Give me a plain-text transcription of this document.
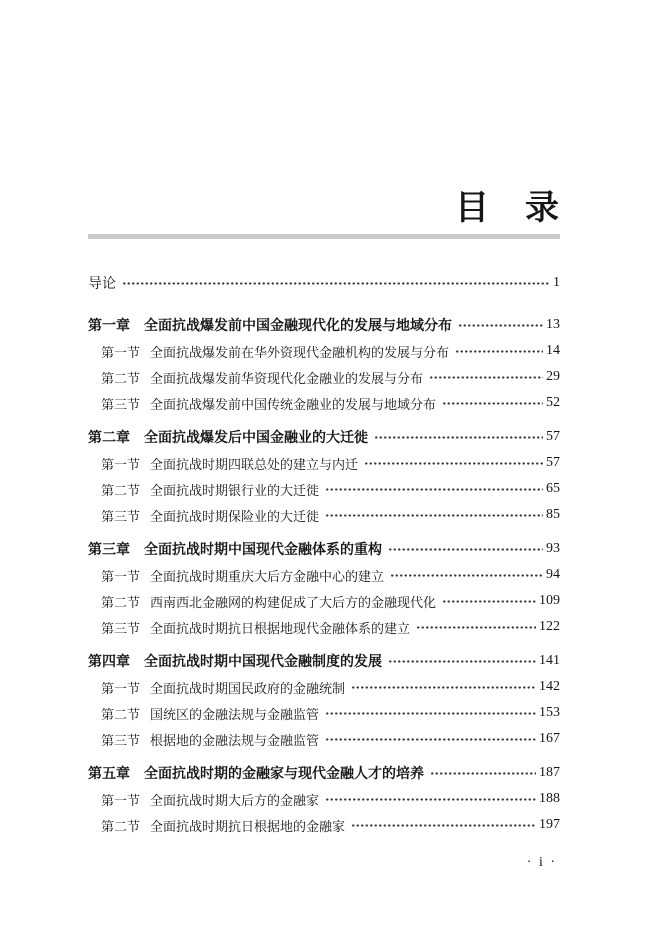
目　录
导论	1
第一章 全面抗战爆发前中国金融现代化的发展与地域分布	13
第一节 全面抗战爆发前在华外资现代金融机构的发展与分布	14
第二节 全面抗战爆发前华资现代化金融业的发展与分布	29
第三节 全面抗战爆发前中国传统金融业的发展与地域分布	52
第二章 全面抗战爆发后中国金融业的大迁徙	57
第一节 全面抗战时期四联总处的建立与内迁	57
第二节 全面抗战时期银行业的大迁徙	65
第三节 全面抗战时期保险业的大迁徙	85
第三章 全面抗战时期中国现代金融体系的重构	93
第一节 全面抗战时期重庆大后方金融中心的建立	94
第二节 西南西北金融网的构建促成了大后方的金融现代化	109
第三节 全面抗战时期抗日根据地现代金融体系的建立	122
第四章 全面抗战时期中国现代金融制度的发展	141
第一节 全面抗战时期国民政府的金融统制	142
第二节 国统区的金融法规与金融监管	153
第三节 根据地的金融法规与金融监管	167
第五章 全面抗战时期的金融家与现代金融人才的培养	187
第一节 全面抗战时期大后方的金融家	188
第二节 全面抗战时期抗日根据地的金融家	197
· i ·
